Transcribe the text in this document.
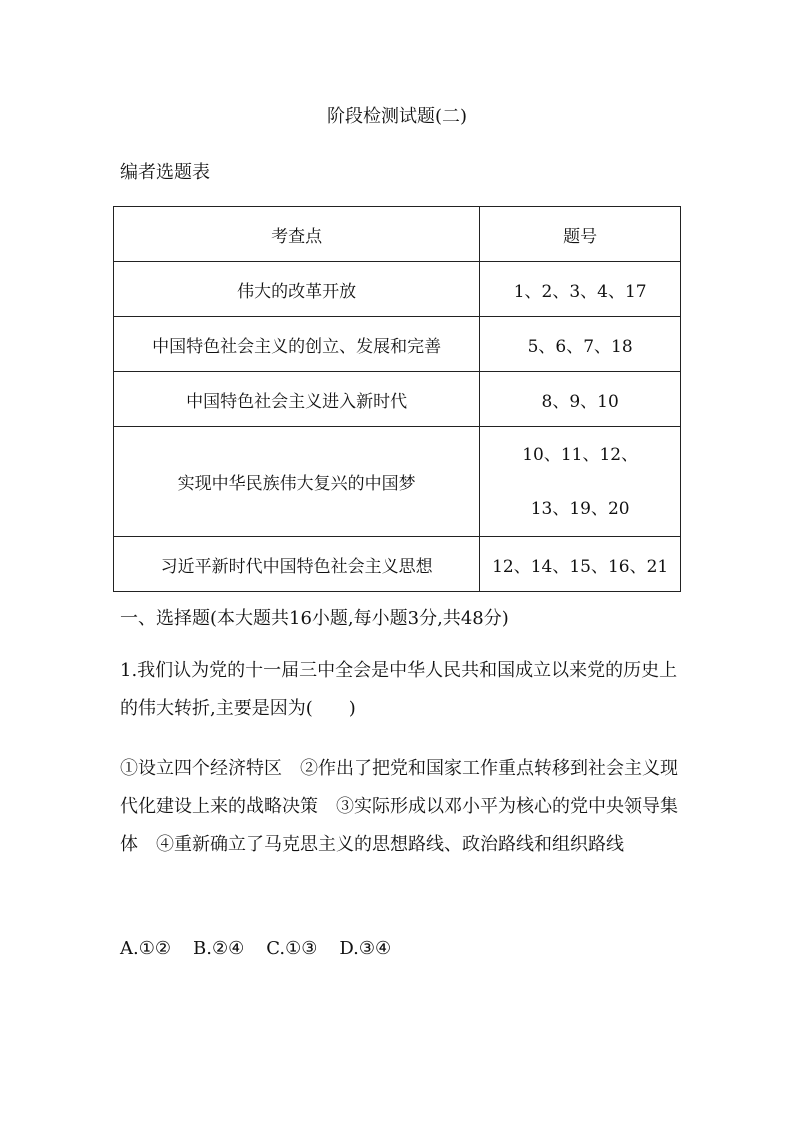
阶段检测试题(二)
编者选题表
考查点	题号
伟大的改革开放	1、2、3、4、17
中国特色社会主义的创立、发展和完善	5、6、7、18
中国特色社会主义进入新时代	8、9、10
实现中华民族伟大复兴的中国梦	10、11、12、
13、19、20

习近平新时代中国特色社会主义思想	12、14、15、16、21
一、选择题(本大题共16小题,每小题3分,共48分)
1.我们认为党的十一届三中全会是中华人民共和国成立以来党的历史上的伟大转折,主要是因为(　　)
①设立四个经济特区　②作出了把党和国家工作重点转移到社会主义现代化建设上来的战略决策　③实际形成以邓小平为核心的党中央领导集体　④重新确立了马克思主义的思想路线、政治路线和组织路线
A.①② B.②④ C.①③ D.③④
